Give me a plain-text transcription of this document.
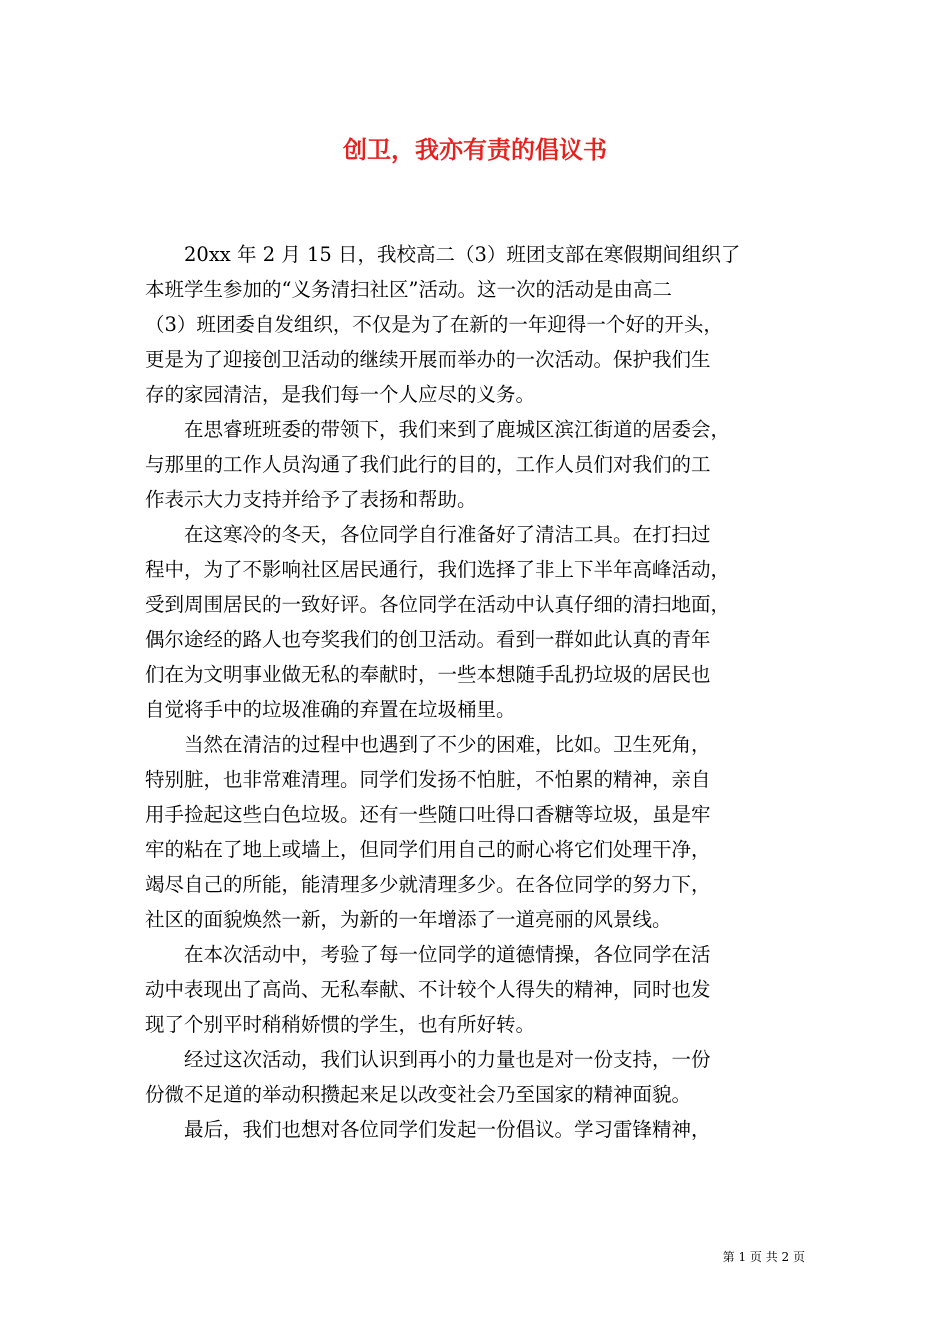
创卫，我亦有责的倡议书
20xx 年 2 月 15 日，我校高二（3）班团支部在寒假期间组织了
本班学生参加的“义务清扫社区”活动。这一次的活动是由高二
（3）班团委自发组织，不仅是为了在新的一年迎得一个好的开头，
更是为了迎接创卫活动的继续开展而举办的一次活动。保护我们生
存的家园清洁，是我们每一个人应尽的义务。
在思睿班班委的带领下，我们来到了鹿城区滨江街道的居委会，
与那里的工作人员沟通了我们此行的目的，工作人员们对我们的工
作表示大力支持并给予了表扬和帮助。
在这寒冷的冬天，各位同学自行准备好了清洁工具。在打扫过
程中，为了不影响社区居民通行，我们选择了非上下半年高峰活动，
受到周围居民的一致好评。各位同学在活动中认真仔细的清扫地面，
偶尔途经的路人也夸奖我们的创卫活动。看到一群如此认真的青年
们在为文明事业做无私的奉献时，一些本想随手乱扔垃圾的居民也
自觉将手中的垃圾准确的弃置在垃圾桶里。
当然在清洁的过程中也遇到了不少的困难，比如。卫生死角，
特别脏，也非常难清理。同学们发扬不怕脏，不怕累的精神，亲自
用手捡起这些白色垃圾。还有一些随口吐得口香糖等垃圾，虽是牢
牢的粘在了地上或墙上，但同学们用自己的耐心将它们处理干净，
竭尽自己的所能，能清理多少就清理多少。在各位同学的努力下，
社区的面貌焕然一新，为新的一年增添了一道亮丽的风景线。
在本次活动中，考验了每一位同学的道德情操，各位同学在活
动中表现出了高尚、无私奉献、不计较个人得失的精神，同时也发
现了个别平时稍稍娇惯的学生，也有所好转。
经过这次活动，我们认识到再小的力量也是对一份支持，一份
份微不足道的举动积攒起来足以改变社会乃至国家的精神面貌。
最后，我们也想对各位同学们发起一份倡议。学习雷锋精神，
第 1 页 共 2 页
